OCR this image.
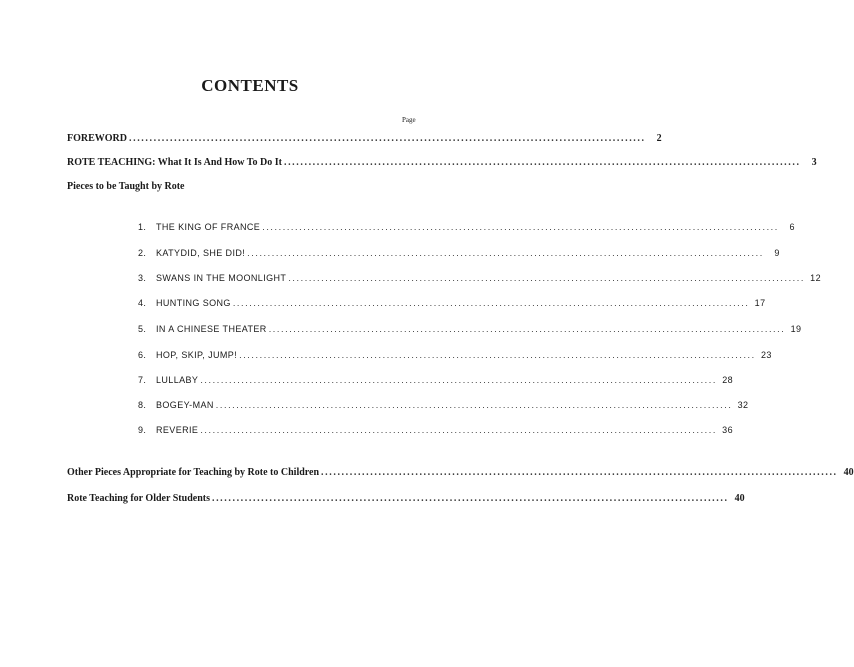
CONTENTS
Page
FOREWORD ..............................................................................................................................	2
ROTE TEACHING: What It Is And How To Do It ..............................................................................................................................	3
Pieces to be Taught by Rote
1.	THE KING OF FRANCE ..............................................................................................................................	6
2.	KATYDID, SHE DID! ..............................................................................................................................	9
3.	SWANS IN THE MOONLIGHT .............................................................................................................................. 12
4.	HUNTING SONG .............................................................................................................................. 17
5.	IN A CHINESE THEATER .............................................................................................................................. 19
6.	HOP, SKIP, JUMP! .............................................................................................................................. 23
7.	LULLABY .............................................................................................................................. 28
8.	BOGEY-MAN .............................................................................................................................. 32
9.	REVERIE .............................................................................................................................. 36
Other Pieces Appropriate for Teaching by Rote to Children .............................................................................................................................. 40
Rote Teaching for Older Students .............................................................................................................................. 40
